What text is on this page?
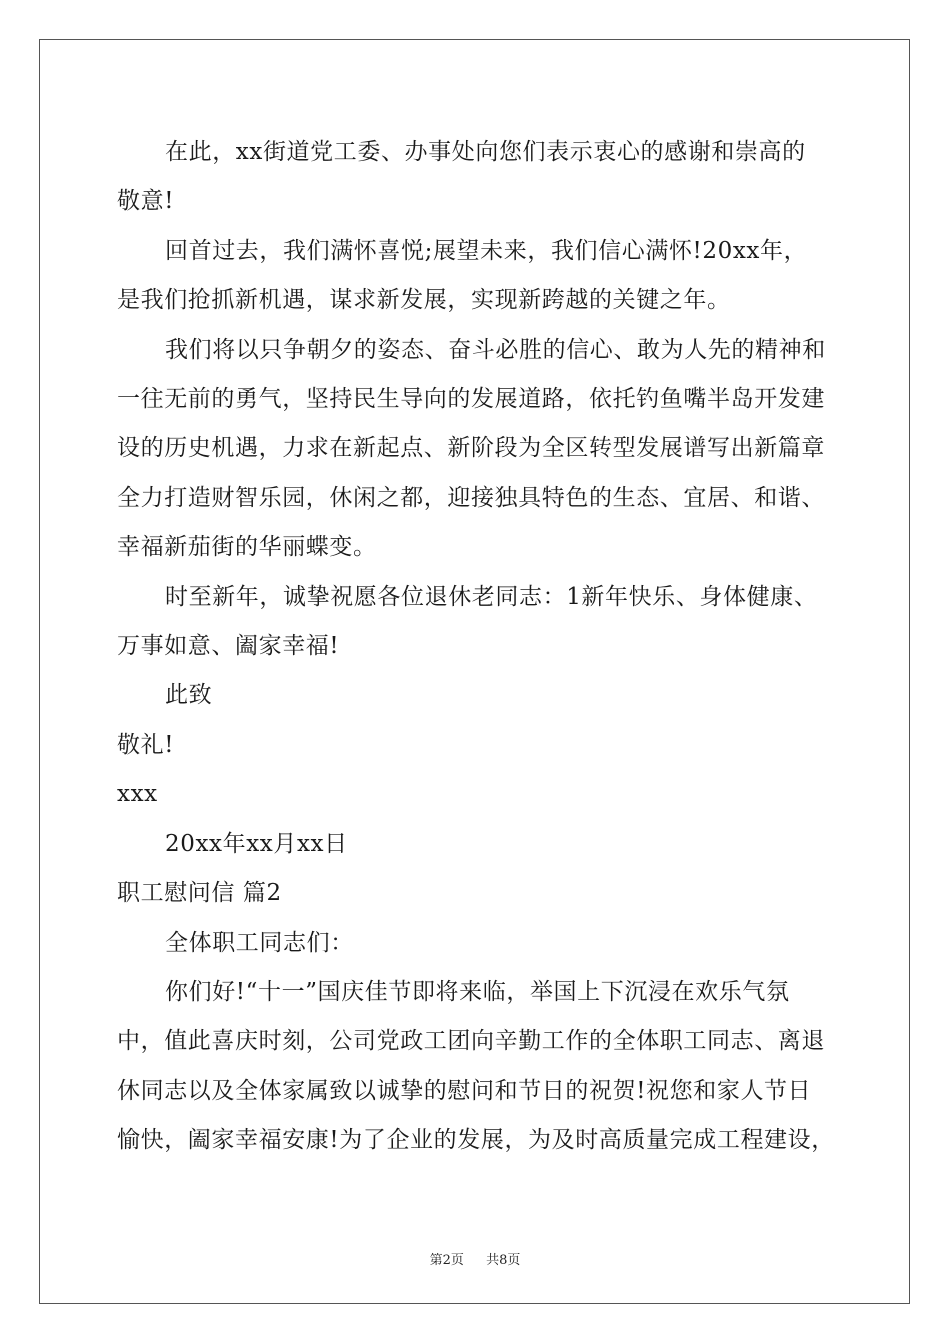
在此，xx街道党工委、办事处向您们表示衷心的感谢和崇高的

敬意!

回首过去，我们满怀喜悦;展望未来，我们信心满怀!20xx年，

是我们抢抓新机遇，谋求新发展，实现新跨越的关键之年。

我们将以只争朝夕的姿态、奋斗必胜的信心、敢为人先的精神和

一往无前的勇气，坚持民生导向的发展道路，依托钓鱼嘴半岛开发建

设的历史机遇，力求在新起点、新阶段为全区转型发展谱写出新篇章

全力打造财智乐园，休闲之都，迎接独具特色的生态、宜居、和谐、

幸福新茄街的华丽蝶变。

时至新年，诚挚祝愿各位退休老同志：1新年快乐、身体健康、

万事如意、阖家幸福!

此致

敬礼!

xxx

20xx年xx月xx日

职工慰问信 篇2

全体职工同志们：

你们好!“十一”国庆佳节即将来临，举国上下沉浸在欢乐气氛

中，值此喜庆时刻，公司党政工团向辛勤工作的全体职工同志、离退

休同志以及全体家属致以诚挚的慰问和节日的祝贺!祝您和家人节日

愉快，阖家幸福安康!为了企业的发展，为及时高质量完成工程建设，

第2页 共8页
